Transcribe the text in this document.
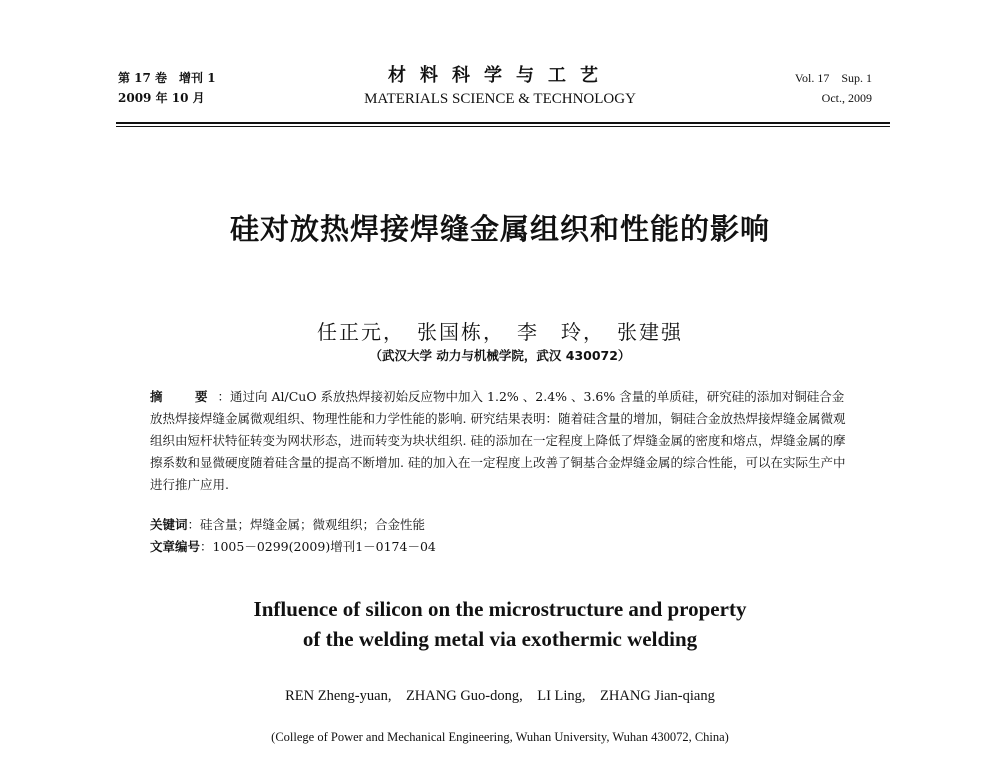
第 17 卷　增刊 1
2009 年 10 月
材料科学与工艺
MATERIALS SCIENCE & TECHNOLOGY
Vol. 17　Sup. 1
Oct., 2009
硅对放热焊接焊缝金属组织和性能的影响
任正元，　张国栋，　李　玲，　张建强
（武汉大学 动力与机械学院，武汉 430072）
摘　要：通过向 Al/CuO 系放热焊接初始反应物中加入 1.2% 、2.4% 、3.6% 含量的单质硅，研究硅的添加对铜硅合金放热焊接焊缝金属微观组织、物理性能和力学性能的影响. 研究结果表明：随着硅含量的增加，铜硅合金放热焊接焊缝金属微观组织由短杆状特征转变为网状形态，进而转变为块状组织. 硅的添加在一定程度上降低了焊缝金属的密度和熔点，焊缝金属的摩擦系数和显微硬度随着硅含量的提高不断增加. 硅的加入在一定程度上改善了铜基合金焊缝金属的综合性能，可以在实际生产中进行推广应用.
关键词：硅含量；焊缝金属；微观组织；合金性能
文章编号：1005－0299(2009)增刊1－0174－04
Influence of silicon on the microstructure and property
of the welding metal via exothermic welding
REN Zheng-yuan,　ZHANG Guo-dong,　LI Ling,　ZHANG Jian-qiang
(College of Power and Mechanical Engineering, Wuhan University, Wuhan 430072, China)
